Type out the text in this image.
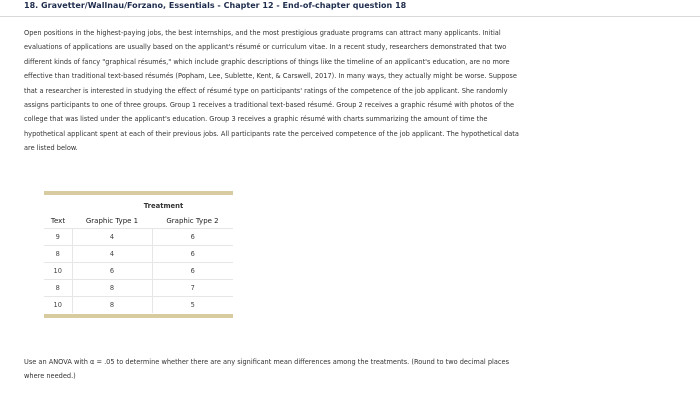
18. Gravetter/Wallnau/Forzano, Essentials - Chapter 12 - End-of-chapter question 18
Open positions in the highest-paying jobs, the best internships, and the most prestigious graduate programs can attract many applicants. Initial
evaluations of applications are usually based on the applicant's résumé or curriculum vitae. In a recent study, researchers demonstrated that two
different kinds of fancy "graphical résumés," which include graphic descriptions of things like the timeline of an applicant's education, are no more
effective than traditional text-based résumés (Popham, Lee, Sublette, Kent, & Carswell, 2017). In many ways, they actually might be worse. Suppose
that a researcher is interested in studying the effect of résumé type on participants' ratings of the competence of the job applicant. She randomly
assigns participants to one of three groups. Group 1 receives a traditional text-based résumé. Group 2 receives a graphic résumé with photos of the
college that was listed under the applicant's education. Group 3 receives a graphic résumé with charts summarizing the amount of time the
hypothetical applicant spent at each of their previous jobs. All participants rate the perceived competence of the job applicant. The hypothetical data
are listed below.
Treatment
Text	Graphic Type 1	Graphic Type 2
9	4	6
8	4	6
10	6	6
8	8	7
10	8	5
Use an ANOVA with α = .05 to determine whether there are any significant mean differences among the treatments. (Round to two decimal places
where needed.)
